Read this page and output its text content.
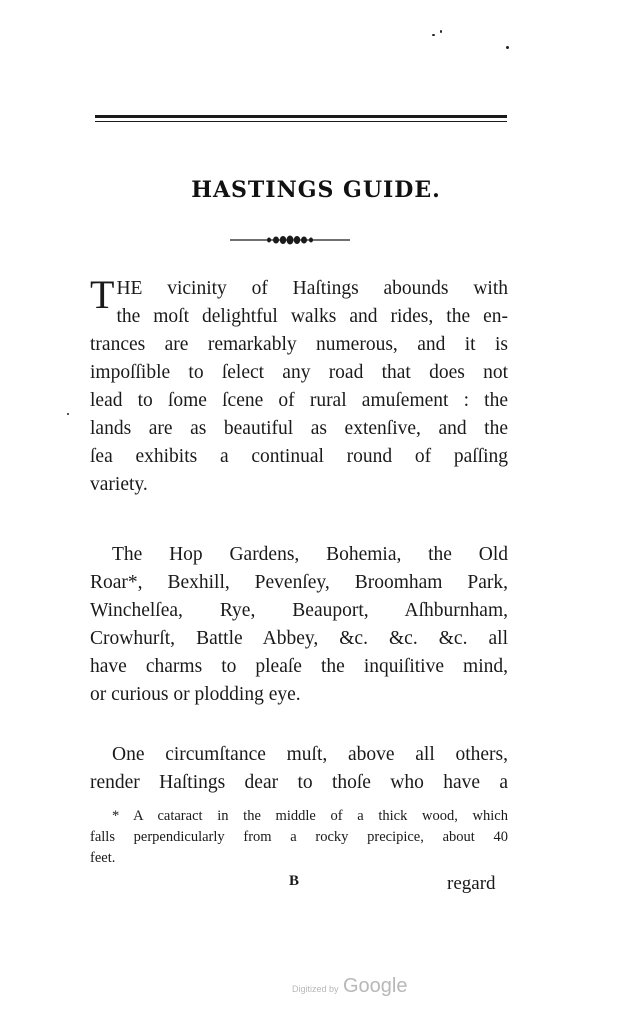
HASTINGS GUIDE.
THE vicinity of Haſtings abounds with
the moſt delightful walks and rides, the en-
trances are remarkably numerous, and it is
impoſſible to ſelect any road that does not
lead to ſome ſcene of rural amuſement : the
lands are as beautiful as extenſive, and the
ſea exhibits a continual round of paſſing
variety.
The Hop Gardens, Bohemia, the Old
Roar*, Bexhill, Pevenſey, Broomham Park,
Winchelſea, Rye, Beauport, Aſhburnham,
Crowhurſt, Battle Abbey, &c. &c. &c. all
have charms to pleaſe the inquiſitive mind,
or curious or plodding eye.
One circumſtance muſt, above all others,
render Haſtings dear to thoſe who have a
* A cataract in the middle of a thick wood, which
falls perpendicularly from a rocky precipice, about 40
feet.
B	regard
Digitized by Google
